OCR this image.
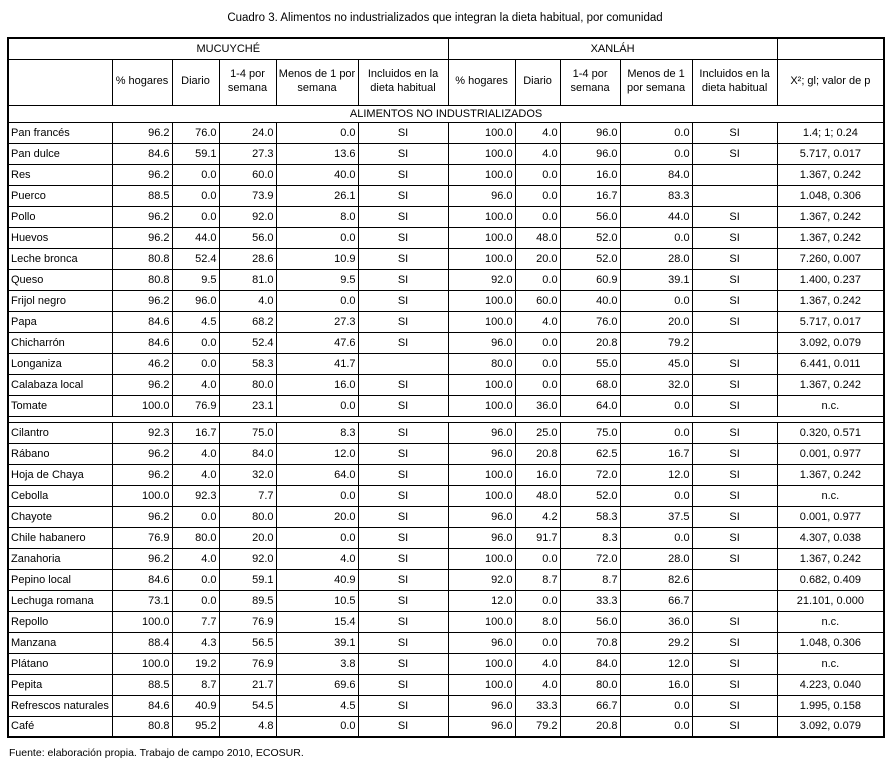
Cuadro 3. Alimentos no industrializados que integran la dieta habitual, por comunidad
MUCUYCHÉ						XANLÁH					
	% hogares	Diario	1-4 por semana	Menos de 1 por semana	Incluidos en la dieta habitual	% hogares	Diario	1-4 por semana	Menos de 1 por semana	Incluidos en la dieta habitual	X²; gl; valor de p
ALIMENTOS NO INDUSTRIALIZADOS											
Pan francés	96.2	76.0	24.0	0.0	SI	100.0	4.0	96.0	0.0	SI	1.4; 1; 0.24
Pan dulce	84.6	59.1	27.3	13.6	SI	100.0	4.0	96.0	0.0	SI	5.717, 0.017
Res	96.2	0.0	60.0	40.0	SI	100.0	0.0	16.0	84.0		1.367, 0.242
Puerco	88.5	0.0	73.9	26.1	SI	96.0	0.0	16.7	83.3		1.048, 0.306
Pollo	96.2	0.0	92.0	8.0	SI	100.0	0.0	56.0	44.0	SI	1.367, 0.242
Huevos	96.2	44.0	56.0	0.0	SI	100.0	48.0	52.0	0.0	SI	1.367, 0.242
Leche bronca	80.8	52.4	28.6	10.9	SI	100.0	20.0	52.0	28.0	SI	7.260, 0.007
Queso	80.8	9.5	81.0	9.5	SI	92.0	0.0	60.9	39.1	SI	1.400, 0.237
Frijol negro	96.2	96.0	4.0	0.0	SI	100.0	60.0	40.0	0.0	SI	1.367, 0.242
Papa	84.6	4.5	68.2	27.3	SI	100.0	4.0	76.0	20.0	SI	5.717, 0.017
Chicharrón	84.6	0.0	52.4	47.6	SI	96.0	0.0	20.8	79.2		3.092, 0.079
Longaniza	46.2	0.0	58.3	41.7		80.0	0.0	55.0	45.0	SI	6.441, 0.011
Calabaza local	96.2	4.0	80.0	16.0	SI	100.0	0.0	68.0	32.0	SI	1.367, 0.242
Tomate	100.0	76.9	23.1	0.0	SI	100.0	36.0	64.0	0.0	SI	n.c.

Cilantro	92.3	16.7	75.0	8.3	SI	96.0	25.0	75.0	0.0	SI	0.320, 0.571
Rábano	96.2	4.0	84.0	12.0	SI	96.0	20.8	62.5	16.7	SI	0.001, 0.977
Hoja de Chaya	96.2	4.0	32.0	64.0	SI	100.0	16.0	72.0	12.0	SI	1.367, 0.242
Cebolla	100.0	92.3	7.7	0.0	SI	100.0	48.0	52.0	0.0	SI	n.c.
Chayote	96.2	0.0	80.0	20.0	SI	96.0	4.2	58.3	37.5	SI	0.001, 0.977
Chile habanero	76.9	80.0	20.0	0.0	SI	96.0	91.7	8.3	0.0	SI	4.307, 0.038
Zanahoria	96.2	4.0	92.0	4.0	SI	100.0	0.0	72.0	28.0	SI	1.367, 0.242
Pepino local	84.6	0.0	59.1	40.9	SI	92.0	8.7	8.7	82.6		0.682, 0.409
Lechuga romana	73.1	0.0	89.5	10.5	SI	12.0	0.0	33.3	66.7		21.101, 0.000
Repollo	100.0	7.7	76.9	15.4	SI	100.0	8.0	56.0	36.0	SI	n.c.
Manzana	88.4	4.3	56.5	39.1	SI	96.0	0.0	70.8	29.2	SI	1.048, 0.306
Plátano	100.0	19.2	76.9	3.8	SI	100.0	4.0	84.0	12.0	SI	n.c.
Pepita	88.5	8.7	21.7	69.6	SI	100.0	4.0	80.0	16.0	SI	4.223, 0.040
Refrescos naturales	84.6	40.9	54.5	4.5	SI	96.0	33.3	66.7	0.0	SI	1.995, 0.158
Café	80.8	95.2	4.8	0.0	SI	96.0	79.2	20.8	0.0	SI	3.092, 0.079
Fuente: elaboración propia. Trabajo de campo 2010, ECOSUR.
